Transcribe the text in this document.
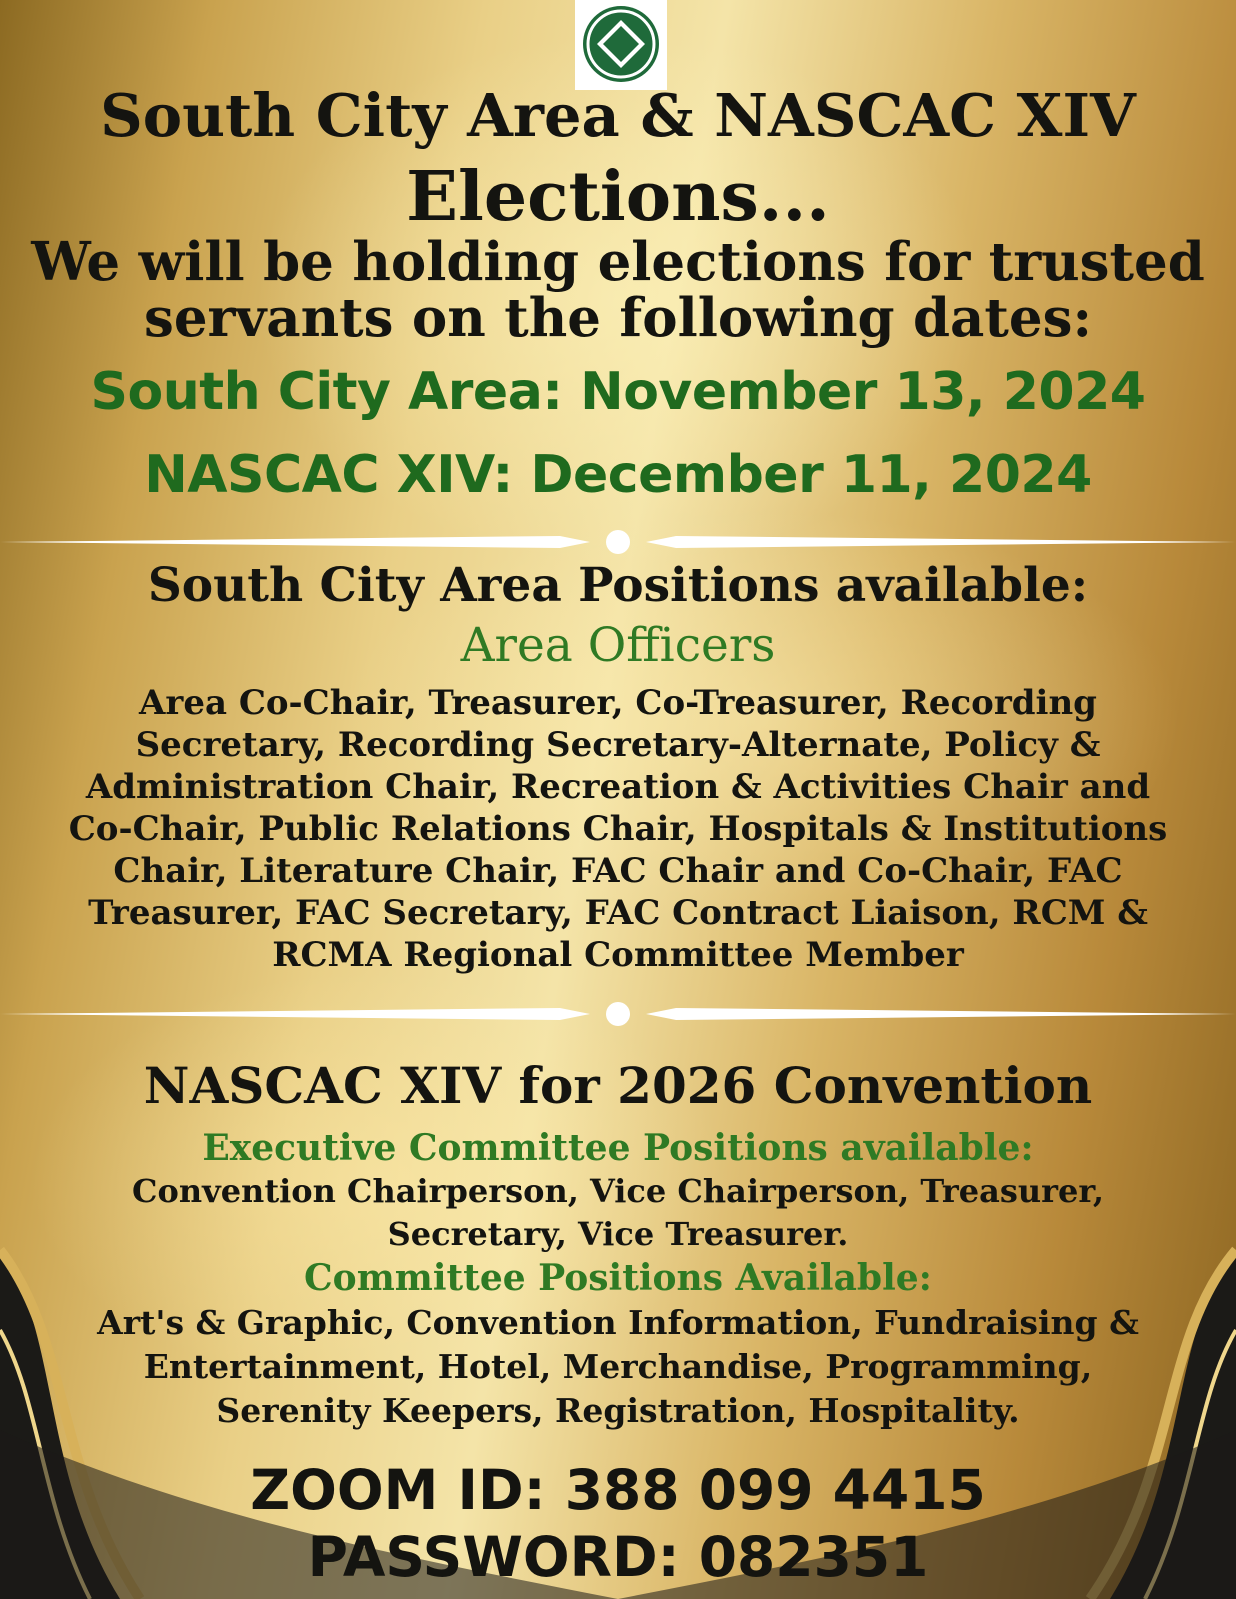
South City Area & NASCAC XIV
Elections...
We will be holding elections for trusted
servants on the following dates:
South City Area: November 13, 2024
NASCAC XIV: December 11, 2024
South City Area Positions available:
Area Officers
Area Co-Chair, Treasurer, Co-Treasurer, Recording
Secretary, Recording Secretary-Alternate, Policy &
Administration Chair, Recreation & Activities Chair and
Co-Chair, Public Relations Chair, Hospitals & Institutions
Chair, Literature Chair, FAC Chair and Co-Chair, FAC
Treasurer, FAC Secretary, FAC Contract Liaison, RCM &
RCMA Regional Committee Member
NASCAC XIV for 2026 Convention
Executive Committee Positions available:
Convention Chairperson, Vice Chairperson, Treasurer,
Secretary, Vice Treasurer.
Committee Positions Available:
Art's & Graphic, Convention Information, Fundraising &
Entertainment, Hotel, Merchandise, Programming,
Serenity Keepers, Registration, Hospitality.
ZOOM ID: 388 099 4415
PASSWORD: 082351
